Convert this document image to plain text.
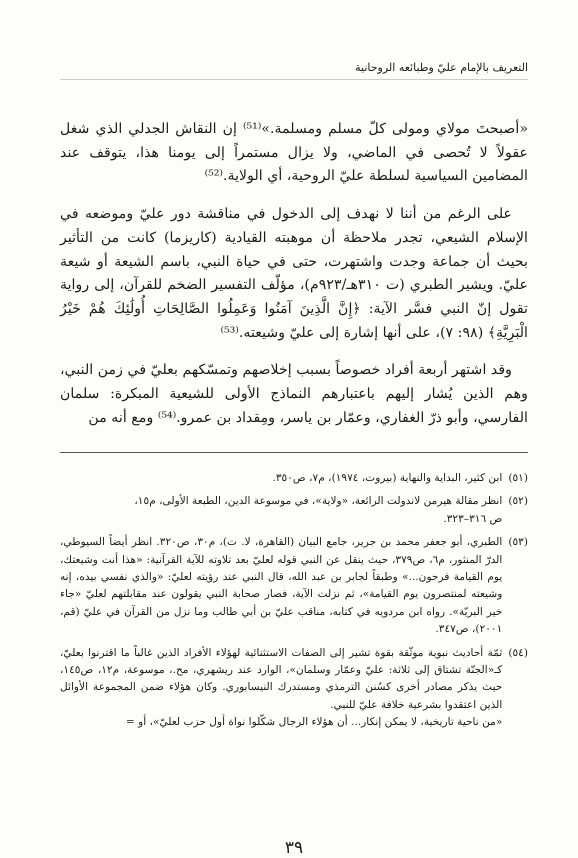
التعريف بالإمام عليّ وطبائعه الروحانية

«أصبحتَ مولاي ومولى كلّ مسلم ومسلمة.»⁽⁵¹⁾ إن النقاش الجدلي الذي شغل عقولاً لا تُحصى في الماضي، ولا يزال مستمراً إلى يومنا هذا، يتوقف عند المضامين السياسية لسلطة عليّ الروحية، أي الولاية.⁽⁵²⁾

على الرغم من أننا لا نهدف إلى الدخول في مناقشة دور عليّ وموضعه في الإسلام الشيعي، تجدر ملاحظة أن موهبته القيادية (كاريزما) كانت من التأثير بحيث أن جماعة وجدت واشتهرت، حتى في حياة النبي، باسم الشيعة أو شيعة عليّ. ويشير الطبري (ت ٣١٠هـ/٩٢٣م)، مؤلّف التفسير الضخم للقرآن، إلى رواية تقول إنّ النبي فسَّر الآية: ﴿إِنَّ الَّذِينَ آمَنُوا وَعَمِلُوا الصَّالِحَاتِ أُولَٰئِكَ هُمْ خَيْرُ الْبَرِيَّةِ﴾ (٩٨: ٧)، على أنها إشارة إلى عليّ وشيعته.⁽⁵³⁾

وقد اشتهر أربعة أفراد خصوصاً بسبب إخلاصهم وتمسّكهم بعليّ في زمن النبي، وهم الذين يُشار إليهم باعتبارهم النماذج الأولى للشيعية المبكرة: سلمان الفارسي، وأبو ذرّ الغفاري، وعمّار بن ياسر، ومِقداد بن عمرو.⁽⁵⁴⁾ ومع أنه من

(٥١)
ابن كثير، البداية والنهاية (بيروت، ١٩٧٤)، م٧، ص٣٥٠.
(٥٢)
انظر مقالة هيرمن لاندولت الرائعة، «ولاية»، في موسوعة الدين، الطبعة الأولى، م١٥،
ص ٣١٦–٣٢٣.
(٥٣)
الطبري، أبو جعفر محمد بن جرير، جامع البيان (القاهرة، لا. ت)، م٣٠، ص٣٢٠. انظر أيضاً السيوطي، الدرّ المنثور، م٦، ص٣٧٩، حيث ينقل عن النبي قوله لعليّ بعد تلاوته للآية القرآنية: «هذا أنت وشيعتك، يوم القيامة فرحون...» وطبقاً لجابر بن عبد الله، قال النبي عند رؤيته لعليّ: «والذي نفسي بيده، إنه وشيعته لمنتصرون يوم القيامة»، ثم نزلت الآية، فصار صحابة النبي يقولون عند مقابلتهم لعليّ «جاء خير البريّة». رواه ابن مردويه في كتابه، مناقب عليّ بن أبي طالب وما نزل من القرآن في عليّ (قم، ٢٠٠١)، ص٣٤٧.
(٥٤)
ثمّة أحاديث نبوية موثّقة بقوة تشير إلى الصفات الاستثنائية لهؤلاء الأفراد الذين غالباً ما اقترنوا بعليّ، كـ«الجنّة تشتاق إلى ثلاثة: عليّ وعمّار وسلمان»، الوارد عند ريشهري، مح.، موسوعة، م١٢، ص١٤٥، حيث يذكر مصادر أخرى كسُنن الترمذي ومستدرك النيسابوري. وكان هؤلاء ضمن المجموعة الأوائل الذين اعتقدوا بشرعية خلافة عليّ للنبي.
«من ناحية تاريخية، لا يمكن إنكار... أن هؤلاء الرجال شكّلوا نواة أول حزب لعليّ»، أو =
٣٩
